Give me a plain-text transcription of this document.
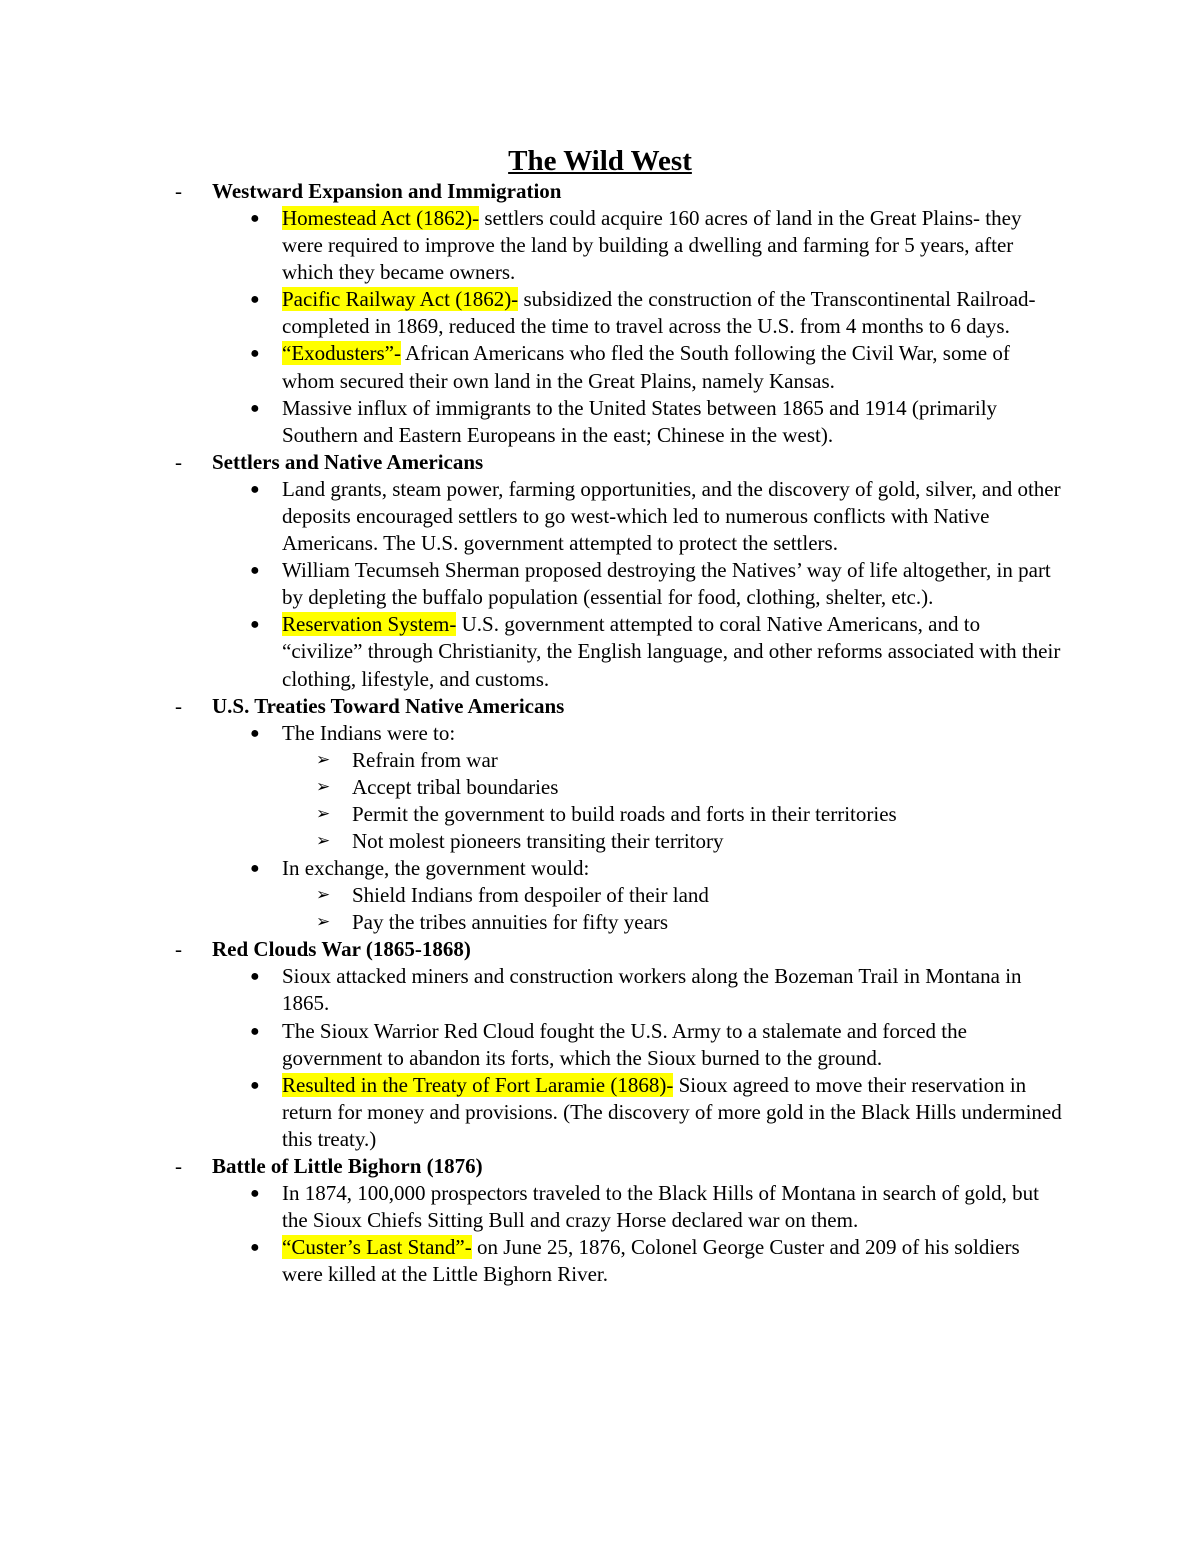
The Wild West
- Westward Expansion and Immigration
● Homestead Act (1862)- settlers could acquire 160 acres of land in the Great Plains- they were required to improve the land by building a dwelling and farming for 5 years, after which they became owners.
● Pacific Railway Act (1862)- subsidized the construction of the Transcontinental Railroad-completed in 1869, reduced the time to travel across the U.S. from 4 months to 6 days.
● “Exodusters”- African Americans who fled the South following the Civil War, some of whom secured their own land in the Great Plains, namely Kansas.
● Massive influx of immigrants to the United States between 1865 and 1914 (primarily Southern and Eastern Europeans in the east; Chinese in the west).
- Settlers and Native Americans
● Land grants, steam power, farming opportunities, and the discovery of gold, silver, and other deposits encouraged settlers to go west-which led to numerous conflicts with Native Americans. The U.S. government attempted to protect the settlers.
● William Tecumseh Sherman proposed destroying the Natives’ way of life altogether, in part by depleting the buffalo population (essential for food, clothing, shelter, etc.).
● Reservation System- U.S. government attempted to coral Native Americans, and to “civilize” through Christianity, the English language, and other reforms associated with their clothing, lifestyle, and customs.
- U.S. Treaties Toward Native Americans
● The Indians were to:
➢ Refrain from war
➢ Accept tribal boundaries
➢ Permit the government to build roads and forts in their territories
➢ Not molest pioneers transiting their territory
● In exchange, the government would:
➢ Shield Indians from despoiler of their land
➢ Pay the tribes annuities for fifty years
- Red Clouds War (1865-1868)
● Sioux attacked miners and construction workers along the Bozeman Trail in Montana in 1865.
● The Sioux Warrior Red Cloud fought the U.S. Army to a stalemate and forced the government to abandon its forts, which the Sioux burned to the ground.
● Resulted in the Treaty of Fort Laramie (1868)- Sioux agreed to move their reservation in return for money and provisions. (The discovery of more gold in the Black Hills undermined this treaty.)
- Battle of Little Bighorn (1876)
● In 1874, 100,000 prospectors traveled to the Black Hills of Montana in search of gold, but the Sioux Chiefs Sitting Bull and crazy Horse declared war on them.
● “Custer’s Last Stand”- on June 25, 1876, Colonel George Custer and 209 of his soldiers were killed at the Little Bighorn River.
